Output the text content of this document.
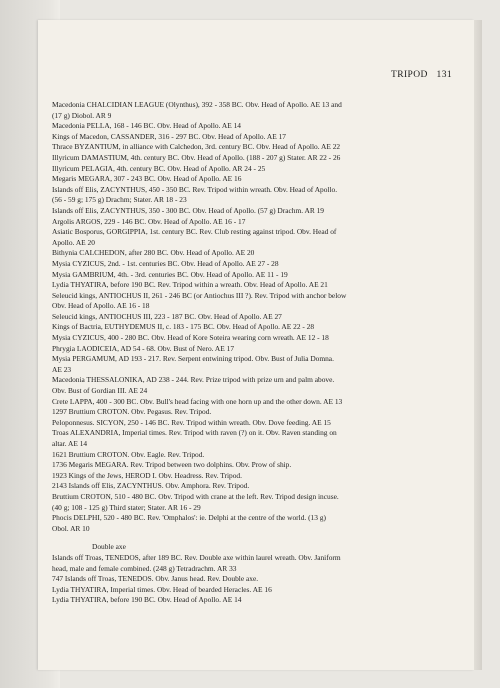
TRIPOD 131

Macedonia CHALCIDIAN LEAGUE (Olynthus), 392 - 358 BC. Obv. Head of Apollo. AE 13 and

(17 g) Diobol. AR 9

Macedonia PELLA, 168 - 146 BC. Obv. Head of Apollo. AE 14

Kings of Macedon, CASSANDER, 316 - 297 BC. Obv. Head of Apollo. AE 17

Thrace BYZANTIUM, in alliance with Calchedon, 3rd. century BC. Obv. Head of Apollo. AE 22

Illyricum DAMASTIUM, 4th. century BC. Obv. Head of Apollo. (188 - 207 g) Stater. AR 22 - 26

Illyricum PELAGIA, 4th. century BC. Obv. Head of Apollo. AR 24 - 25

Megaris MEGARA, 307 - 243 BC. Obv. Head of Apollo. AE 16

Islands off Elis, ZACYNTHUS, 450 - 350 BC. Rev. Tripod within wreath. Obv. Head of Apollo.

(56 - 59 g; 175 g) Drachm; Stater. AR 18 - 23

Islands off Elis, ZACYNTHUS, 350 - 300 BC. Obv. Head of Apollo. (57 g) Drachm. AR 19

Argolis ARGOS, 229 - 146 BC. Obv. Head of Apollo. AE 16 - 17

Asiatic Bosporus, GORGIPPIA, 1st. century BC. Rev. Club resting against tripod. Obv. Head of

Apollo. AE 20

Bithynia CALCHEDON, after 280 BC. Obv. Head of Apollo. AE 20

Mysia CYZICUS, 2nd. - 1st. centuries BC. Obv. Head of Apollo. AE 27 - 28

Mysia GAMBRIUM, 4th. - 3rd. centuries BC. Obv. Head of Apollo. AE 11 - 19

Lydia THYATIRA, before 190 BC. Rev. Tripod within a wreath. Obv. Head of Apollo. AE 21

Seleucid kings, ANTIOCHUS II, 261 - 246 BC (or Antiochus III ?). Rev. Tripod with anchor below

Obv. Head of Apollo. AE 16 - 18

Seleucid kings, ANTIOCHUS III, 223 - 187 BC. Obv. Head of Apollo. AE 27

Kings of Bactria, EUTHYDEMUS II, c. 183 - 175 BC. Obv. Head of Apollo. AE 22 - 28

Mysia CYZICUS, 400 - 280 BC. Obv. Head of Kore Soteira wearing corn wreath. AE 12 - 18

Phrygia LAODICEIA, AD 54 - 68. Obv. Bust of Nero. AE 17

Mysia PERGAMUM, AD 193 - 217. Rev. Serpent entwining tripod. Obv. Bust of Julia Domna.

AE 23

Macedonia THESSALONIKA, AD 238 - 244. Rev. Prize tripod with prize urn and palm above.

Obv. Bust of Gordian III. AE 24

Crete LAPPA, 400 - 300 BC. Obv. Bull's head facing with one horn up and the other down. AE 13

1297 Bruttium CROTON. Obv. Pegasus. Rev. Tripod.

Peloponnesus. SICYON, 250 - 146 BC. Rev. Tripod within wreath. Obv. Dove feeding. AE 15

Troas ALEXANDRIA, Imperial times. Rev. Tripod with raven (?) on it. Obv. Raven standing on

altar. AE 14

1621 Bruttium CROTON. Obv. Eagle. Rev. Tripod.

1736 Megaris MEGARA. Rev. Tripod between two dolphins. Obv. Prow of ship.

1923 Kings of the Jews, HEROD I. Obv. Headress. Rev. Tripod.

2143 Islands off Elis, ZACYNTHUS. Obv. Amphora. Rev. Tripod.

Bruttium CROTON, 510 - 480 BC. Obv. Tripod with crane at the left. Rev. Tripod design incuse.

(40 g; 108 - 125 g) Third stater; Stater. AR 16 - 29

Phocis DELPHI, 520 - 480 BC. Rev. 'Omphalos': ie. Delphi at the centre of the world. (13 g)

Obol. AR 10

Double axe

Islands off Troas, TENEDOS, after 189 BC. Rev. Double axe within laurel wreath. Obv. Janiform

head, male and female combined. (248 g) Tetradrachm. AR 33

747 Islands off Troas, TENEDOS. Obv. Janus head. Rev. Double axe.

Lydia THYATIRA, Imperial times. Obv. Head of bearded Heracles. AE 16

Lydia THYATIRA, before 190 BC. Obv. Head of Apollo. AE 14
